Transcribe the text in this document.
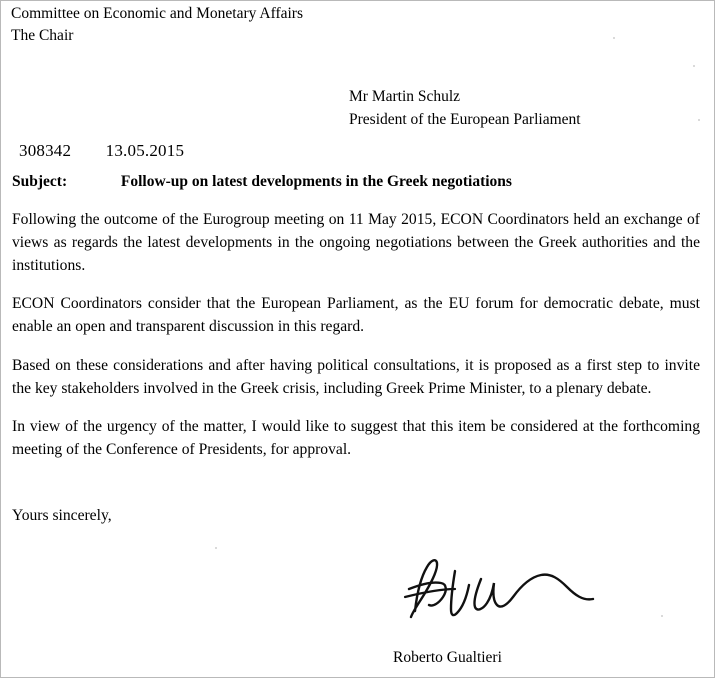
Committee on Economic and Monetary Affairs
The Chair
Mr Martin Schulz
President of the European Parliament
308342 13.05.2015
Subject:	Follow-up on latest developments in the Greek negotiations

Following the outcome of the Eurogroup meeting on 11 May 2015, ECON Coordinators held an exchange of views as regards the latest developments in the ongoing negotiations between the Greek authorities and the institutions.

ECON Coordinators consider that the European Parliament, as the EU forum for democratic debate, must enable an open and transparent discussion in this regard.

Based on these considerations and after having political consultations, it is proposed as a first step to invite the key stakeholders involved in the Greek crisis, including Greek Prime Minister, to a plenary debate.

In view of the urgency of the matter, I would like to suggest that this item be considered at the forthcoming meeting of the Conference of Presidents, for approval.

Yours sincerely,
Roberto Gualtieri
